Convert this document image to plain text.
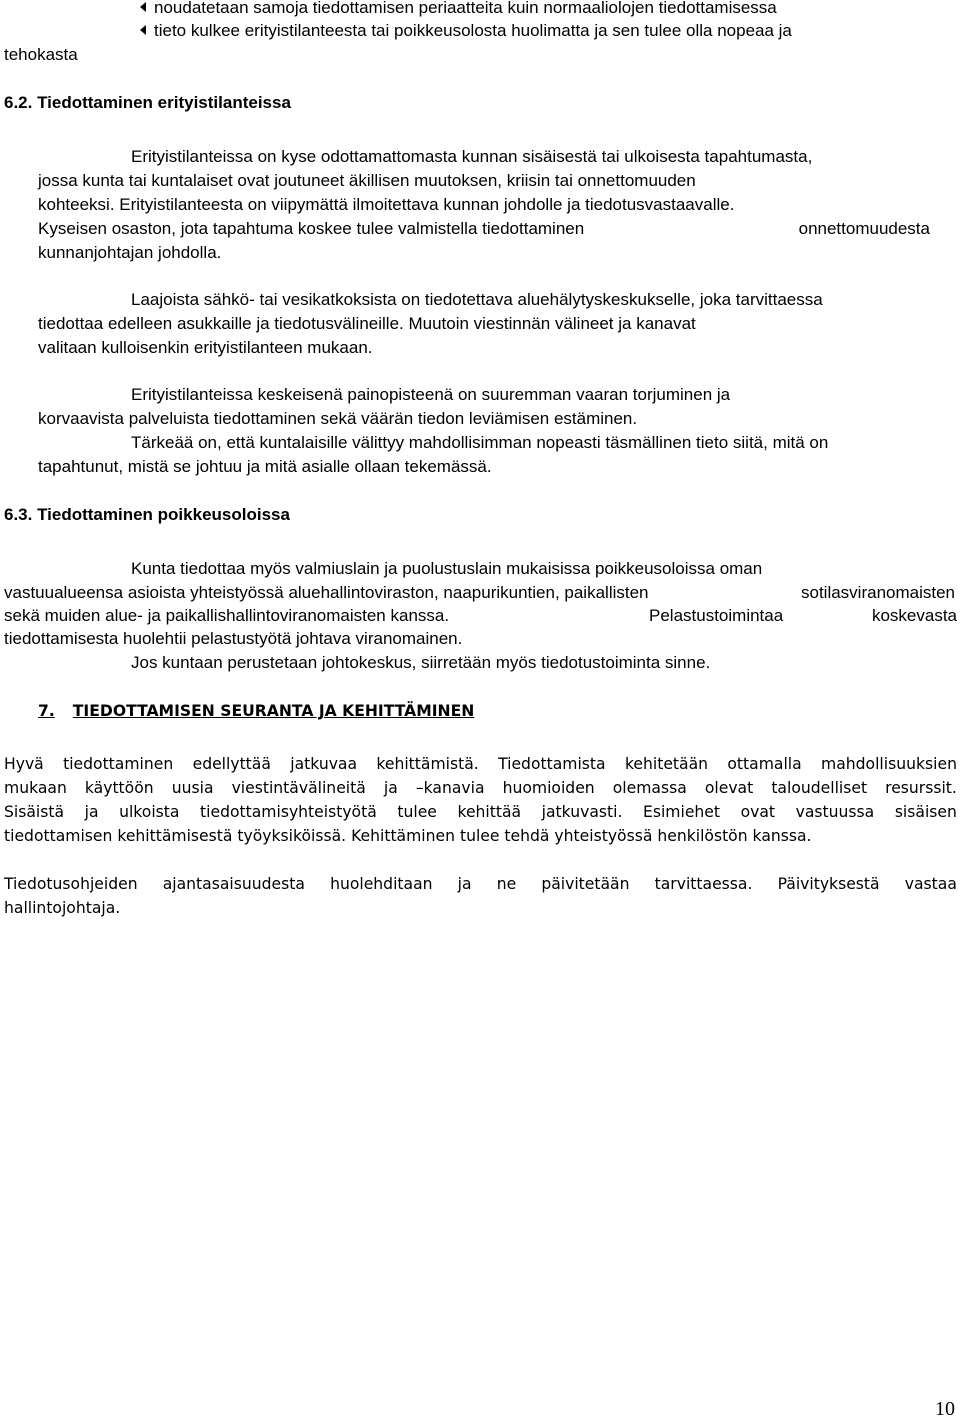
noudatetaan samoja tiedottamisen periaatteita kuin normaaliolojen tiedottamisessa
tieto kulkee erityistilanteesta tai poikkeusolosta huolimatta ja sen tulee olla nopeaa ja
tehokasta
6.2. Tiedottaminen erityistilanteissa
Erityistilanteissa on kyse odottamattomasta kunnan sisäisestä tai ulkoisesta tapahtumasta,
jossa kunta tai kuntalaiset ovat joutuneet äkillisen muutoksen, kriisin tai onnettomuuden
kohteeksi. Erityistilanteesta on viipymättä ilmoitettava kunnan johdolle ja tiedotusvastaavalle.
Kyseisen osaston, jota tapahtuma koskee tulee valmistella tiedottaminen	onnettomuudesta
kunnanjohtajan johdolla.
Laajoista sähkö- tai vesikatkoksista on tiedotettava aluehälytyskeskukselle, joka tarvittaessa
tiedottaa edelleen asukkaille ja tiedotusvälineille. Muutoin viestinnän välineet ja kanavat
valitaan kulloisenkin erityistilanteen mukaan.
Erityistilanteissa keskeisenä painopisteenä on suuremman vaaran torjuminen ja
korvaavista palveluista tiedottaminen sekä väärän tiedon leviämisen estäminen.
Tärkeää on, että kuntalaisille välittyy mahdollisimman nopeasti täsmällinen tieto siitä, mitä on
tapahtunut, mistä se johtuu ja mitä asialle ollaan tekemässä.
6.3. Tiedottaminen poikkeusoloissa
Kunta tiedottaa myös valmiuslain ja puolustuslain mukaisissa poikkeusoloissa oman
vastuualueensa asioista yhteistyössä aluehallintoviraston, naapurikuntien, paikallisten	sotilasviranomaisten
sekä muiden alue- ja paikallishallintoviranomaisten kanssa.	Pelastustoimintaa	koskevasta
tiedottamisesta huolehtii pelastustyötä johtava viranomainen.
Jos kuntaan perustetaan johtokeskus, siirretään myös tiedotustoiminta sinne.
7. TIEDOTTAMISEN SEURANTA JA KEHITTÄMINEN
Hyvä tiedottaminen edellyttää jatkuvaa kehittämistä. Tiedottamista kehitetään ottamalla mahdollisuuksien
mukaan käyttöön uusia viestintävälineitä ja –kanavia huomioiden olemassa olevat taloudelliset resurssit.
Sisäistä ja ulkoista tiedottamisyhteistyötä tulee kehittää jatkuvasti. Esimiehet ovat vastuussa sisäisen
tiedottamisen kehittämisestä työyksiköissä. Kehittäminen tulee tehdä yhteistyössä henkilöstön kanssa.
Tiedotusohjeiden ajantasaisuudesta huolehditaan ja ne päivitetään tarvittaessa. Päivityksestä vastaa
hallintojohtaja.
10
